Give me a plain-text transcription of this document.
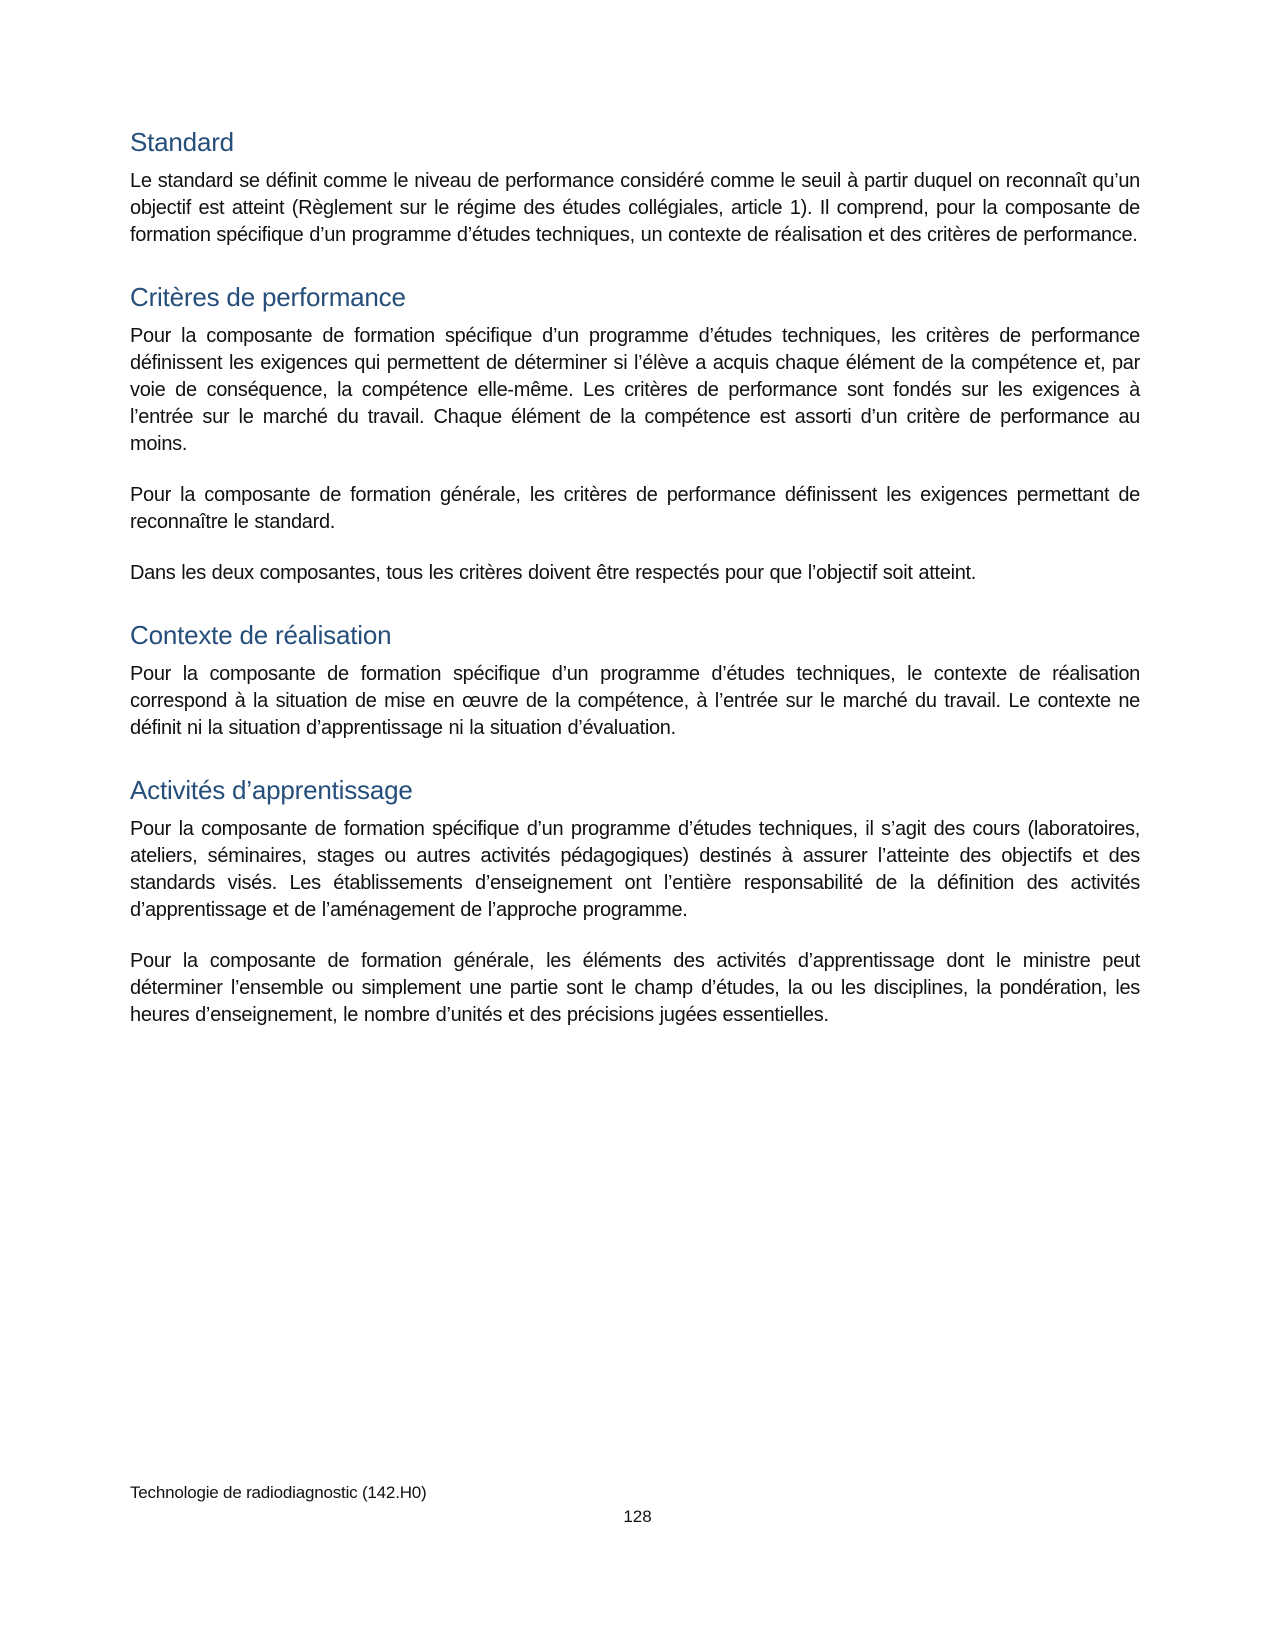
Standard

Le standard se définit comme le niveau de performance considéré comme le seuil à partir duquel on reconnaît qu’un objectif est atteint (Règlement sur le régime des études collégiales, article 1). Il comprend, pour la composante de formation spécifique d’un programme d’études techniques, un contexte de réalisation et des critères de performance.

Critères de performance

Pour la composante de formation spécifique d’un programme d’études techniques, les critères de performance définissent les exigences qui permettent de déterminer si l’élève a acquis chaque élément de la compétence et, par voie de conséquence, la compétence elle-même. Les critères de performance sont fondés sur les exigences à l’entrée sur le marché du travail. Chaque élément de la compétence est assorti d’un critère de performance au moins.

Pour la composante de formation générale, les critères de performance définissent les exigences permettant de reconnaître le standard.

Dans les deux composantes, tous les critères doivent être respectés pour que l’objectif soit atteint.

Contexte de réalisation

Pour la composante de formation spécifique d’un programme d’études techniques, le contexte de réalisation correspond à la situation de mise en œuvre de la compétence, à l’entrée sur le marché du travail. Le contexte ne définit ni la situation d’apprentissage ni la situation d’évaluation.

Activités d’apprentissage

Pour la composante de formation spécifique d’un programme d’études techniques, il s’agit des cours (laboratoires, ateliers, séminaires, stages ou autres activités pédagogiques) destinés à assurer l’atteinte des objectifs et des standards visés. Les établissements d’enseignement ont l’entière responsabilité de la définition des activités d’apprentissage et de l’aménagement de l’approche programme.

Pour la composante de formation générale, les éléments des activités d’apprentissage dont le ministre peut déterminer l’ensemble ou simplement une partie sont le champ d’études, la ou les disciplines, la pondération, les heures d’enseignement, le nombre d’unités et des précisions jugées essentielles.

Technologie de radiodiagnostic (142.H0)
128
